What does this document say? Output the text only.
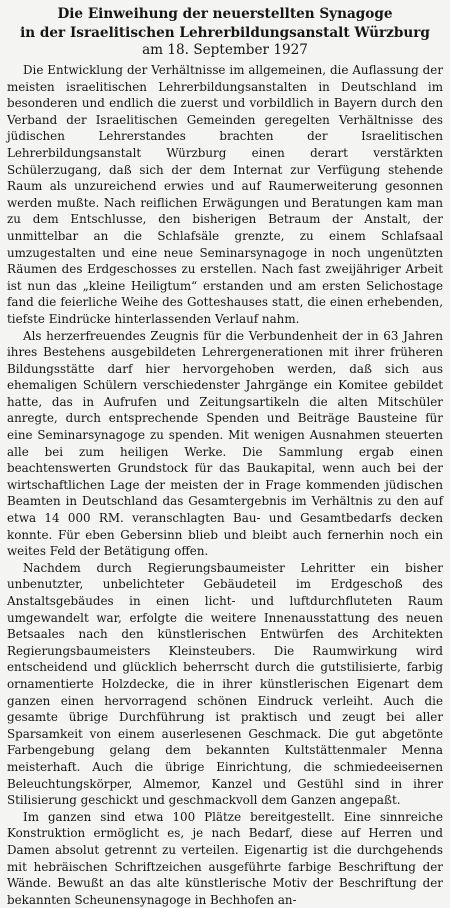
Die Einweihung der neuerstellten Synagoge
in der Israelitischen Lehrerbildungsanstalt Würzburg
am 18. September 1927

Die Entwicklung der Verhältnisse im allgemeinen, die Auflassung der meisten israelitischen Lehrerbildungsanstalten in Deutschland im besonderen und endlich die zuerst und vorbildlich in Bayern durch den Verband der Israelitischen Gemeinden geregelten Verhältnisse des jüdischen Lehrerstandes brachten der Israelitischen Lehrerbildungsanstalt Würzburg einen derart verstärkten Schülerzugang, daß sich der dem Internat zur Verfügung stehende Raum als unzureichend erwies und auf Raumerweiterung gesonnen werden mußte. Nach reiflichen Erwägungen und Beratungen kam man zu dem Entschlusse, den bisherigen Betraum der Anstalt, der unmittelbar an die Schlafsäle grenzte, zu einem Schlafsaal umzugestalten und eine neue Seminarsynagoge in noch ungenützten Räumen des Erdgeschosses zu erstellen. Nach fast zweijähriger Arbeit ist nun das „kleine Heiligtum“ erstanden und am ersten Selichostage fand die feierliche Weihe des Gotteshauses statt, die einen erhebenden, tiefste Eindrücke hinterlassenden Verlauf nahm.

Als herzerfreuendes Zeugnis für die Verbundenheit der in 63 Jahren ihres Bestehens ausgebildeten Lehrergenerationen mit ihrer früheren Bildungsstätte darf hier hervorgehoben werden, daß sich aus ehemaligen Schülern verschiedenster Jahrgänge ein Komitee gebildet hatte, das in Aufrufen und Zeitungsartikeln die alten Mitschüler anregte, durch entsprechende Spenden und Beiträge Bausteine für eine Seminarsynagoge zu spenden. Mit wenigen Ausnahmen steuerten alle bei zum heiligen Werke. Die Sammlung ergab einen beachtenswerten Grundstock für das Baukapital, wenn auch bei der wirtschaftlichen Lage der meisten der in Frage kommenden jüdischen Beamten in Deutschland das Gesamtergebnis im Verhältnis zu den auf etwa 14 000 RM. veranschlagten Bau- und Gesamtbedarfs decken konnte. Für eben Gebersinn blieb und bleibt auch fernerhin noch ein weites Feld der Betätigung offen.

Nachdem durch Regierungsbaumeister Lehritter ein bisher unbenutzter, unbelichteter Gebäudeteil im Erdgeschoß des Anstaltsgebäudes in einen licht- und luftdurchfluteten Raum umgewandelt war, erfolgte die weitere Innenausstattung des neuen Betsaales nach den künstlerischen Entwürfen des Architekten Regierungsbaumeisters Kleinsteubers. Die Raumwirkung wird entscheidend und glücklich beherrscht durch die gutstilisierte, farbig ornamentierte Holzdecke, die in ihrer künstlerischen Eigenart dem ganzen einen hervorragend schönen Eindruck verleiht. Auch die gesamte übrige Durchführung ist praktisch und zeugt bei aller Sparsamkeit von einem auserlesenen Geschmack. Die gut abgetönte Farbengebung gelang dem bekannten Kultstättenmaler Menna meisterhaft. Auch die übrige Einrichtung, die schmiedeeisernen Beleuchtungskörper, Almemor, Kanzel und Gestühl sind in ihrer Stilisierung geschickt und geschmackvoll dem Ganzen angepaßt.

Im ganzen sind etwa 100 Plätze bereitgestellt. Eine sinnreiche Konstruktion ermöglicht es, je nach Bedarf, diese auf Herren und Damen absolut getrennt zu verteilen. Eigenartig ist die durchgehends mit hebräischen Schriftzeichen ausgeführte farbige Beschriftung der Wände. Bewußt an das alte künstlerische Motiv der Beschriftung der bekannten Scheunensynagoge in Bechhofen an-
